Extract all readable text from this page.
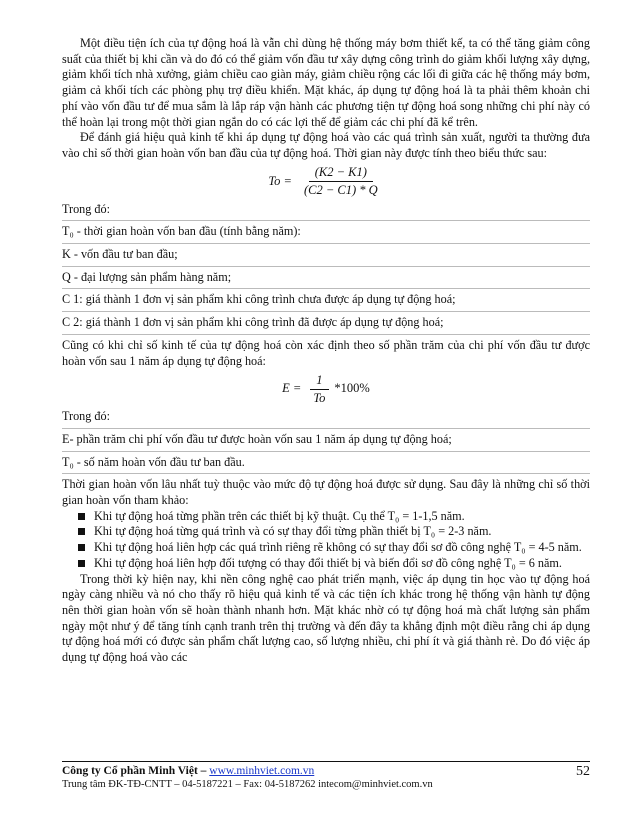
Một điều tiện ích của tự động hoá là vẫn chỉ dùng hệ thống máy bơm thiết kế, ta có thể tăng giảm công suất của thiết bị khi cần và do đó có thể giảm vốn đầu tư xây dựng công trình do giảm khối lượng xây dựng, giảm khối tích nhà xưởng, giảm chiều cao giàn máy, giảm chiều rộng các lối đi giữa các hệ thống máy bơm, giảm cả khối tích các phòng phụ trợ điều khiển. Mặt khác, áp dụng tự động hoá là ta phải thêm khoản chi phí vào vốn đầu tư để mua sắm là lắp ráp vận hành các phương tiện tự động hoá song những chi phí này có thể hoàn lại trong một thời gian ngắn do có các lợi thế để giảm các chi phí đã kể trên.

Để đánh giá hiệu quả kinh tế khi áp dụng tự động hoá vào các quá trình sản xuất, người ta thường đưa vào chỉ số thời gian hoàn vốn ban đầu của tự động hoá. Thời gian này được tính theo biểu thức sau:

$To = \frac{(K2 - K1)}{(C2 - C1) * Q}$

Trong đó:

T₀ - thời gian hoàn vốn ban đầu (tính bằng năm):

K - vốn đầu tư ban đầu;

Q - đại lượng sản phẩm hàng năm;

C 1: giá thành 1 đơn vị sản phẩm khi công trình chưa được áp dụng tự động hoá;

C 2: giá thành 1 đơn vị sản phẩm khi công trình đã được áp dụng tự động hoá;

Cũng có khi chỉ số kinh tế của tự động hoá còn xác định theo số phần trăm của chi phí vốn đầu tư được hoàn vốn sau 1 năm áp dụng tự động hoá:

$E = \frac{1}{To} *100\%$

Trong đó:

E- phần trăm chi phí vốn đầu tư được hoàn vốn sau 1 năm áp dụng tự động hoá;

T₀ - số năm hoàn vốn đầu tư ban đầu.

Thời gian hoàn vốn lâu nhất tuỳ thuộc vào mức độ tự động hoá được sử dụng. Sau đây là những chỉ số thời gian hoàn vốn tham khảo:

Khi tự động hoá từng phần trên các thiết bị kỹ thuật. Cụ thể T₀ = 1-1,5 năm.
Khi tự động hoá từng quá trình và có sự thay đổi từng phần thiết bị T₀ = 2-3 năm.
Khi tự động hoá liên hợp các quá trình riêng rẽ không có sự thay đổi sơ đồ công nghệ T₀ = 4-5 năm.
Khi tự động hoá liên hợp đối tượng có thay đổi thiết bị và biến đổi sơ đồ công nghệ T₀ = 6 năm.

Trong thời kỳ hiện nay, khi nền công nghệ cao phát triển mạnh, việc áp dụng tin học vào tự động hoá ngày càng nhiều và nó cho thấy rõ hiệu quả kinh tế và các tiện ích khác trong hệ thống vận hành tự động nên thời gian hoàn vốn sẽ hoàn thành nhanh hơn. Mặt khác nhờ có tự động hoá mà chất lượng sản phẩm ngày một như ý để tăng tính cạnh tranh trên thị trường và đến đây ta khẳng định một điều rằng chi áp dụng tự động hoá mới có được sản phẩm chất lượng cao, số lượng nhiều, chi phí ít và giá thành rẻ. Do đó việc áp dụng tự động hoá vào các

Công ty Cổ phần Minh Việt – www.minhviet.com.vn
Trung tâm ĐK-TĐ-CNTT – 04-5187221 – Fax: 04-5187262 intecom@minhviet.com.vn
52
